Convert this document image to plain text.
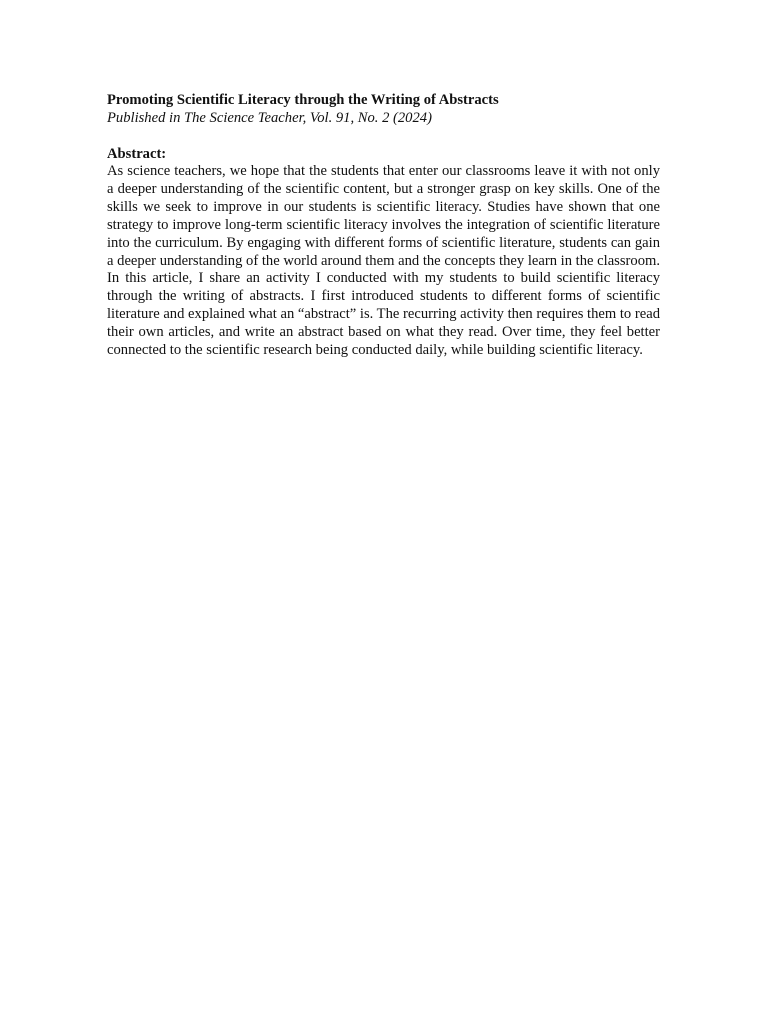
Promoting Scientific Literacy through the Writing of Abstracts

Published in The Science Teacher, Vol. 91, No. 2 (2024)

Abstract:

As science teachers, we hope that the students that enter our classrooms leave it with not only a deeper understanding of the scientific content, but a stronger grasp on key skills. One of the skills we seek to improve in our students is scientific literacy. Studies have shown that one strategy to improve long-term scientific literacy involves the integration of scientific literature into the curriculum. By engaging with different forms of scientific literature, students can gain a deeper understanding of the world around them and the concepts they learn in the classroom. In this article, I share an activity I conducted with my students to build scientific literacy through the writing of abstracts. I first introduced students to different forms of scientific literature and explained what an “abstract” is. The recurring activity then requires them to read their own articles, and write an abstract based on what they read. Over time, they feel better connected to the scientific research being conducted daily, while building scientific literacy.
